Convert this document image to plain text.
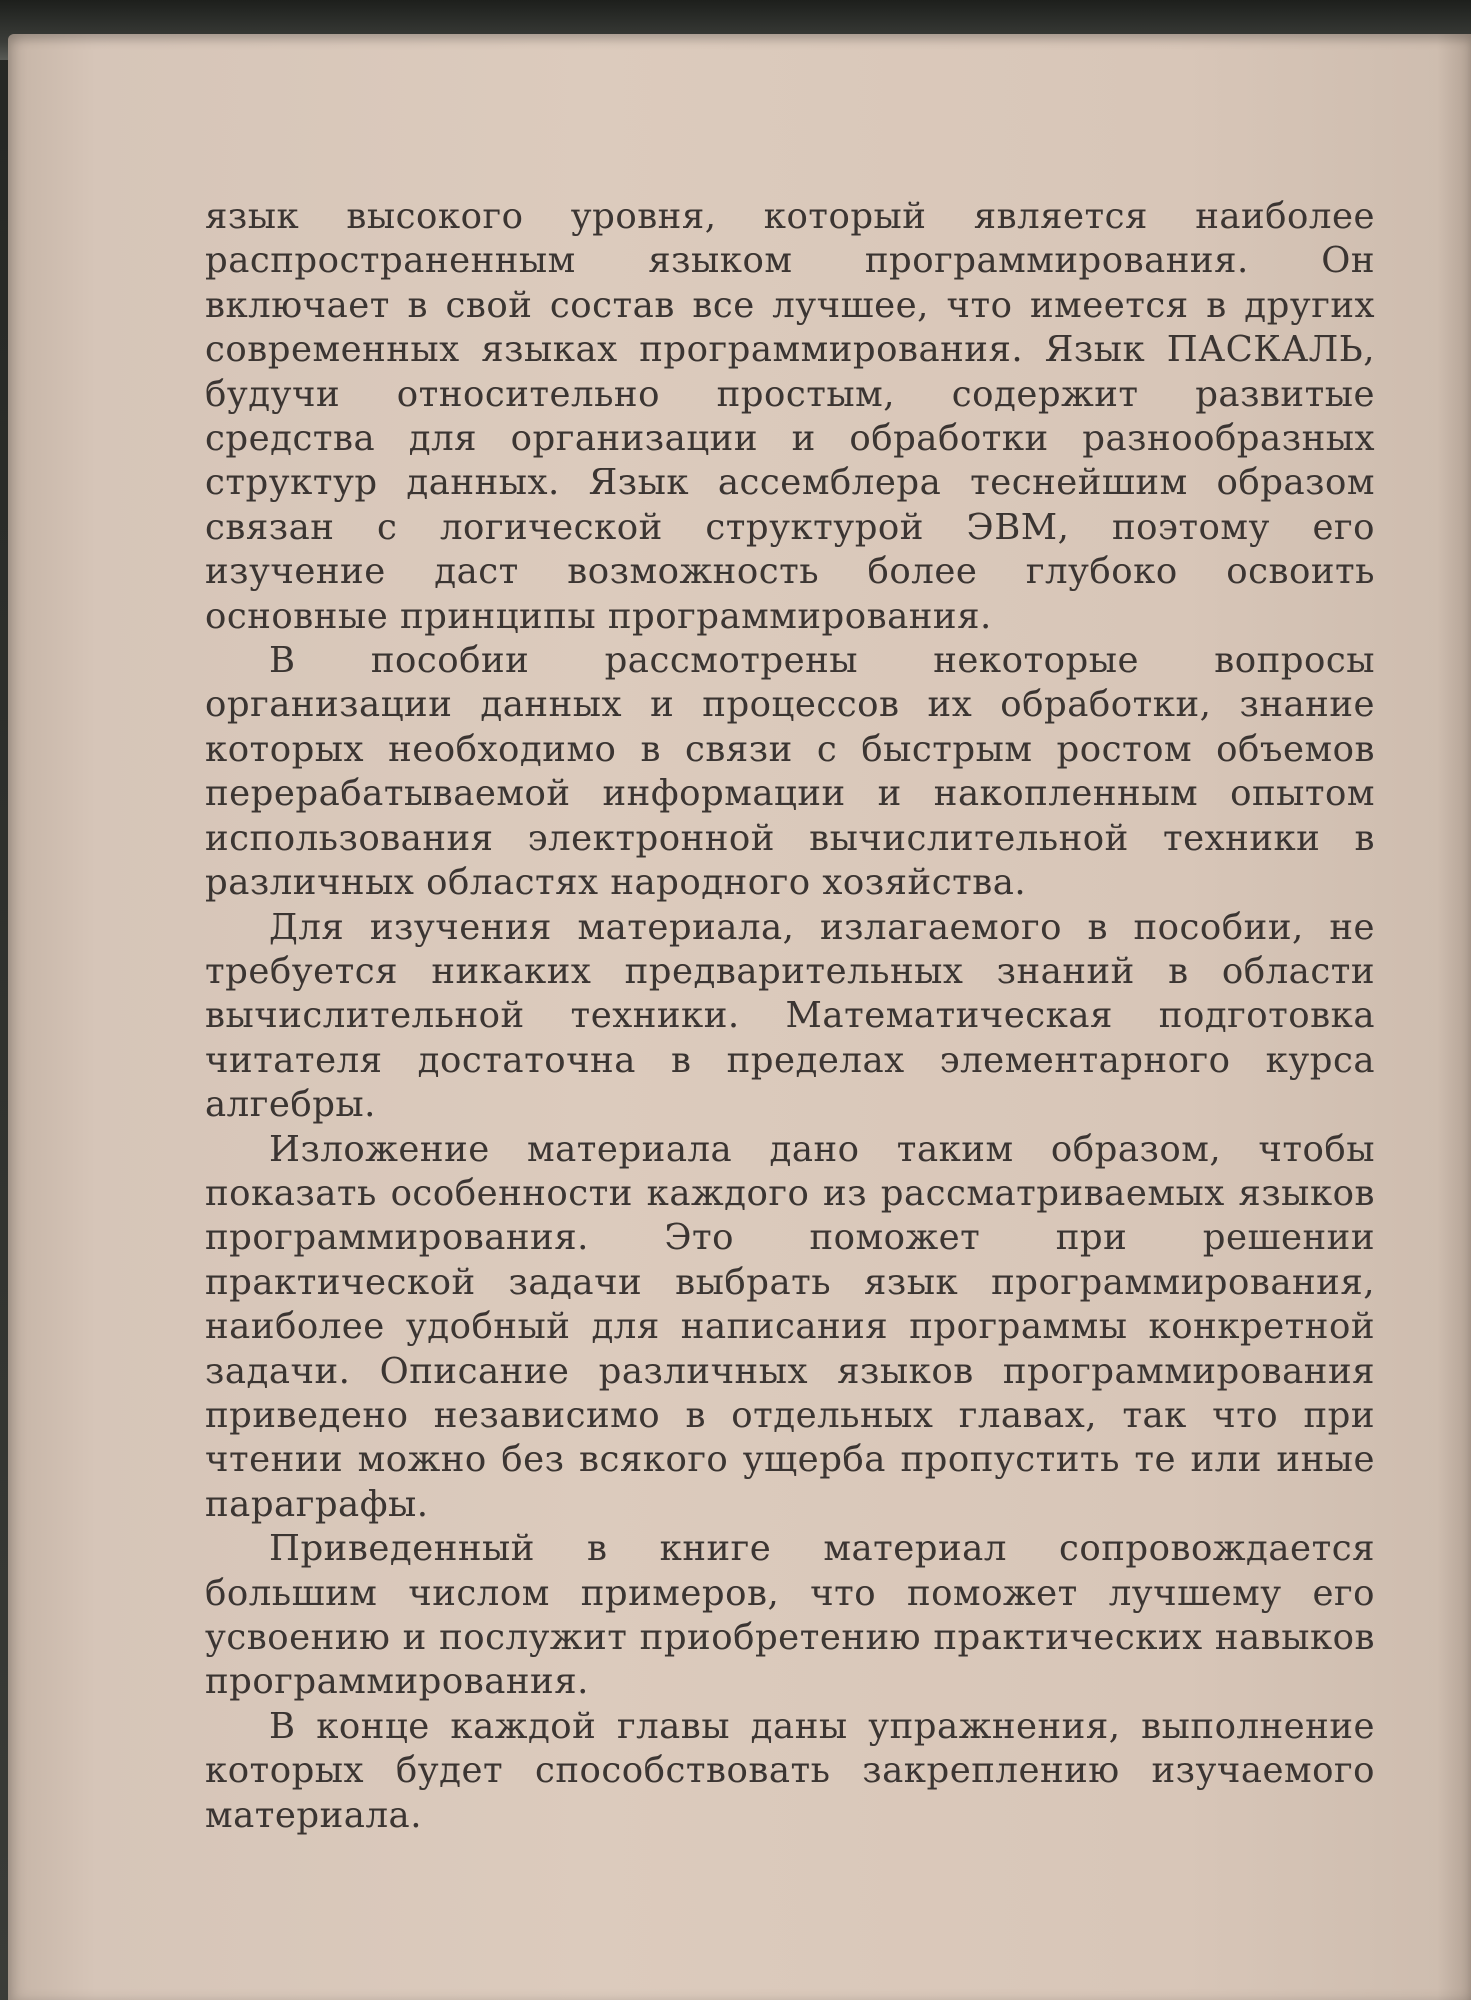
язык высокого уровня, который является наиболее распространенным языком программирования. Он включает в свой состав все лучшее, что имеется в других современных языках программирования. Язык ПАСКАЛЬ, будучи относительно простым, содержит развитые средства для организации и обработки разнообразных структур данных. Язык ассемблера теснейшим образом связан с логической структурой ЭВМ, поэтому его изучение даст возможность более глубоко освоить основные принципы программирования.

В пособии рассмотрены некоторые вопросы организации данных и процессов их обработки, знание которых необходимо в связи с быстрым ростом объемов перерабатываемой информации и накопленным опытом использования электронной вычислительной техники в различных областях народного хозяйства.

Для изучения материала, излагаемого в пособии, не требуется никаких предварительных знаний в области вычислительной техники. Математическая подготовка читателя достаточна в пределах элементарного курса алгебры.

Изложение материала дано таким образом, чтобы показать особенности каждого из рассматриваемых языков программирования. Это поможет при решении практической задачи выбрать язык программирования, наиболее удобный для написания программы конкретной задачи. Описание различных языков программирования приведено независимо в отдельных главах, так что при чтении можно без всякого ущерба пропустить те или иные параграфы.

Приведенный в книге материал сопровождается большим числом примеров, что поможет лучшему его усвоению и послужит приобретению практических навыков программирования.

В конце каждой главы даны упражнения, выполнение которых будет способствовать закреплению изучаемого материала.
